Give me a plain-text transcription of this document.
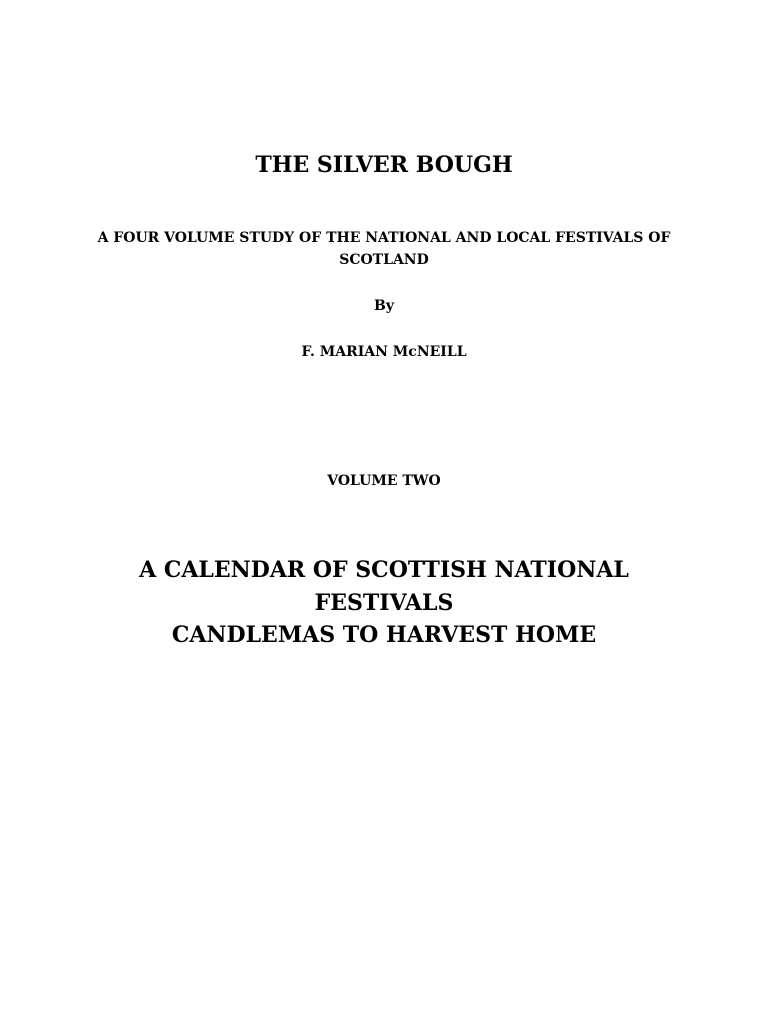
THE SILVER BOUGH
A FOUR VOLUME STUDY OF THE NATIONAL AND LOCAL FESTIVALS OF SCOTLAND
By
F. MARIAN McNEILL
VOLUME TWO
A CALENDAR OF SCOTTISH NATIONAL FESTIVALS
CANDLEMAS TO HARVEST HOME
